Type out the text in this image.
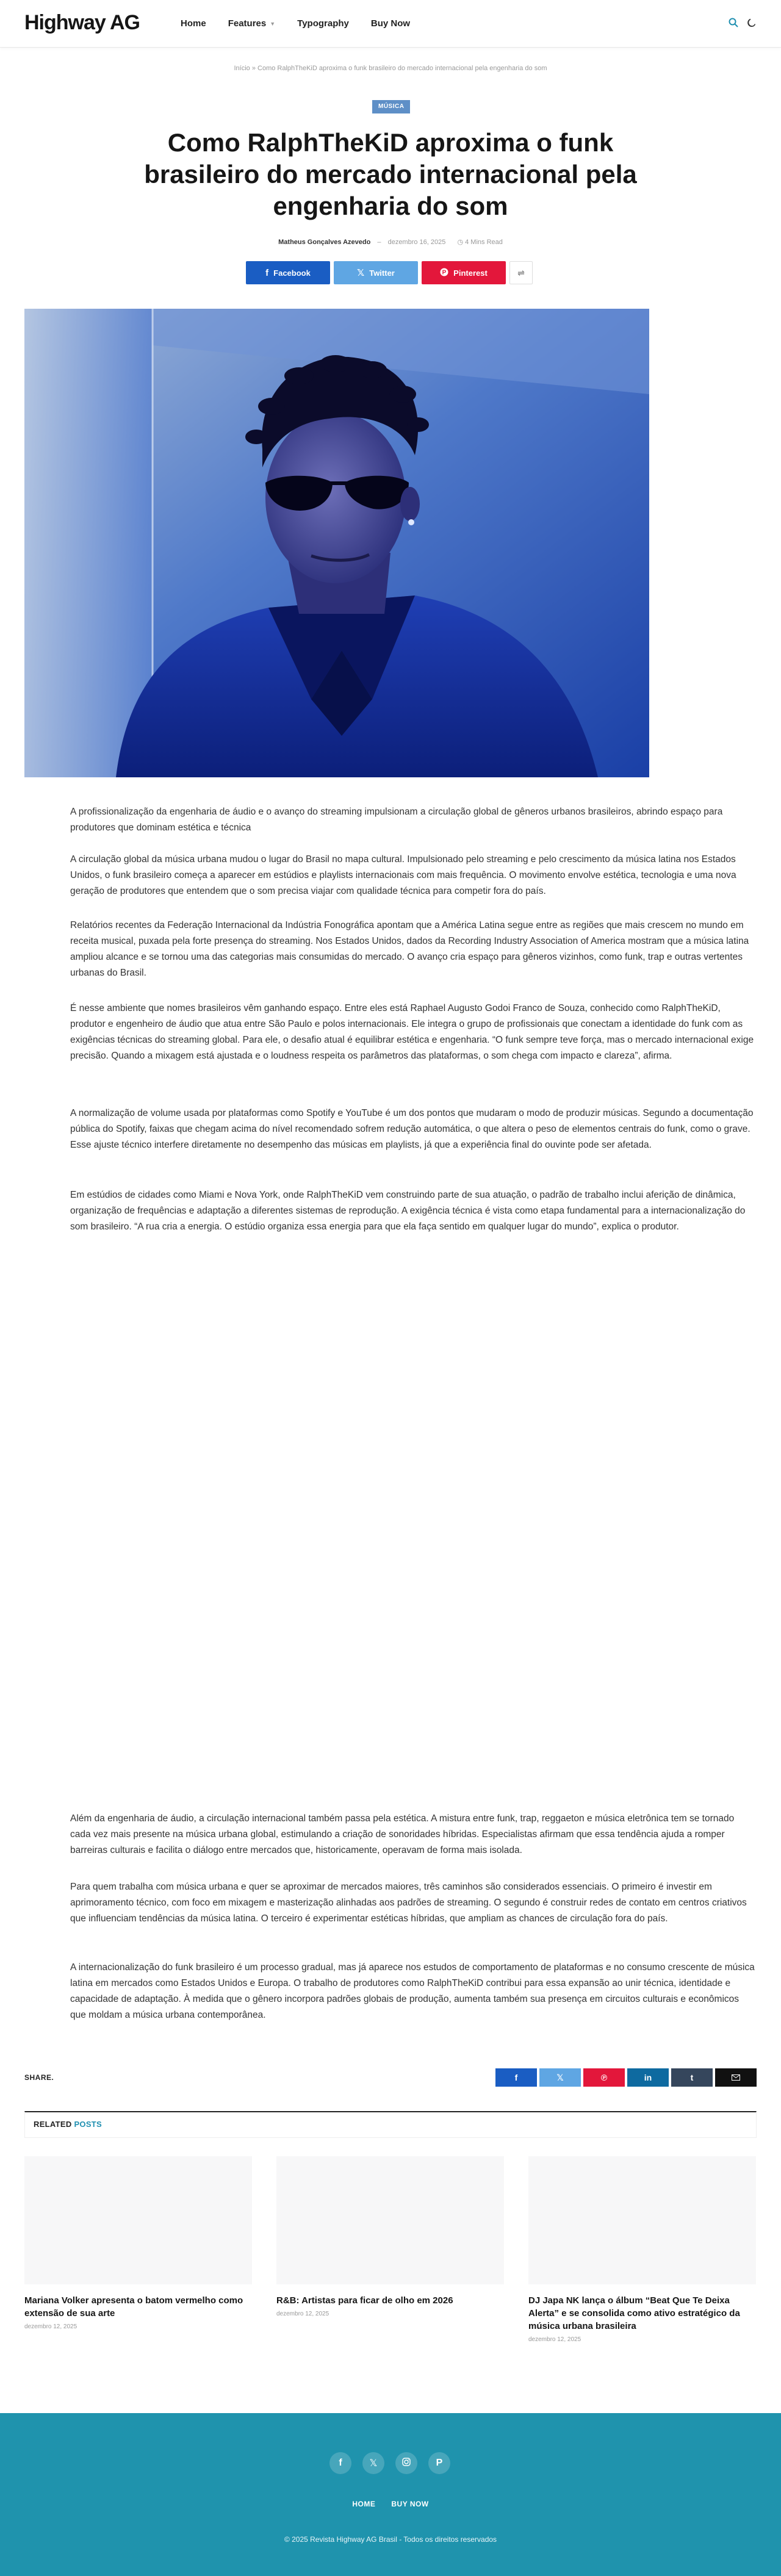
Highway AG	Home Features ▼ Typography Buy Now
Início » Como RalphTheKiD aproxima o funk brasileiro do mercado internacional pela engenharia do som
MÚSICA
Como RalphTheKiD aproxima o funk brasileiro do mercado internacional pela engenharia do som
Matheus Gonçalves Azevedo – dezembro 16, 2025 ◷ 4 Mins Read
f Facebook	𝕏 Twitter	P Pinterest	⇌

A profissionalização da engenharia de áudio e o avanço do streaming impulsionam a circulação global de gêneros urbanos brasileiros, abrindo espaço para produtores que dominam estética e técnica

A circulação global da música urbana mudou o lugar do Brasil no mapa cultural. Impulsionado pelo streaming e pelo crescimento da música latina nos Estados Unidos, o funk brasileiro começa a aparecer em estúdios e playlists internacionais com mais frequência. O movimento envolve estética, tecnologia e uma nova geração de produtores que entendem que o som precisa viajar com qualidade técnica para competir fora do país.

Relatórios recentes da Federação Internacional da Indústria Fonográfica apontam que a América Latina segue entre as regiões que mais crescem no mundo em receita musical, puxada pela forte presença do streaming. Nos Estados Unidos, dados da Recording Industry Association of America mostram que a música latina ampliou alcance e se tornou uma das categorias mais consumidas do mercado. O avanço cria espaço para gêneros vizinhos, como funk, trap e outras vertentes urbanas do Brasil.

É nesse ambiente que nomes brasileiros vêm ganhando espaço. Entre eles está Raphael Augusto Godoi Franco de Souza, conhecido como RalphTheKiD, produtor e engenheiro de áudio que atua entre São Paulo e polos internacionais. Ele integra o grupo de profissionais que conectam a identidade do funk com as exigências técnicas do streaming global. Para ele, o desafio atual é equilibrar estética e engenharia. “O funk sempre teve força, mas o mercado internacional exige precisão. Quando a mixagem está ajustada e o loudness respeita os parâmetros das plataformas, o som chega com impacto e clareza”, afirma.

A normalização de volume usada por plataformas como Spotify e YouTube é um dos pontos que mudaram o modo de produzir músicas. Segundo a documentação pública do Spotify, faixas que chegam acima do nível recomendado sofrem redução automática, o que altera o peso de elementos centrais do funk, como o grave. Esse ajuste técnico interfere diretamente no desempenho das músicas em playlists, já que a experiência final do ouvinte pode ser afetada.

Em estúdios de cidades como Miami e Nova York, onde RalphTheKiD vem construindo parte de sua atuação, o padrão de trabalho inclui aferição de dinâmica, organização de frequências e adaptação a diferentes sistemas de reprodução. A exigência técnica é vista como etapa fundamental para a internacionalização do som brasileiro. “A rua cria a energia. O estúdio organiza essa energia para que ela faça sentido em qualquer lugar do mundo”, explica o produtor.

Além da engenharia de áudio, a circulação internacional também passa pela estética. A mistura entre funk, trap, reggaeton e música eletrônica tem se tornado cada vez mais presente na música urbana global, estimulando a criação de sonoridades híbridas. Especialistas afirmam que essa tendência ajuda a romper barreiras culturais e facilita o diálogo entre mercados que, historicamente, operavam de forma mais isolada.

Para quem trabalha com música urbana e quer se aproximar de mercados maiores, três caminhos são considerados essenciais. O primeiro é investir em aprimoramento técnico, com foco em mixagem e masterização alinhadas aos padrões de streaming. O segundo é construir redes de contato em centros criativos que influenciam tendências da música latina. O terceiro é experimentar estéticas híbridas, que ampliam as chances de circulação fora do país.

A internacionalização do funk brasileiro é um processo gradual, mas já aparece nos estudos de comportamento de plataformas e no consumo crescente de música latina em mercados como Estados Unidos e Europa. O trabalho de produtores como RalphTheKiD contribui para essa expansão ao unir técnica, identidade e capacidade de adaptação. À medida que o gênero incorpora padrões globais de produção, aumenta também sua presença em circuitos culturais e econômicos que moldam a música urbana contemporânea.

SHARE.	f	𝕏	℗	in	t
RELATED POSTS
Mariana Volker apresenta o batom vermelho como extensão de sua arte
dezembro 12, 2025
R&B: Artistas para ficar de olho em 2026
dezembro 12, 2025
DJ Japa NK lança o álbum “Beat Que Te Deixa Alerta” e se consolida como ativo estratégico da música urbana brasileira
dezembro 12, 2025
f	𝕏	P
HOME BUY NOW
© 2025 Revista Highway AG Brasil - Todos os direitos reservados
